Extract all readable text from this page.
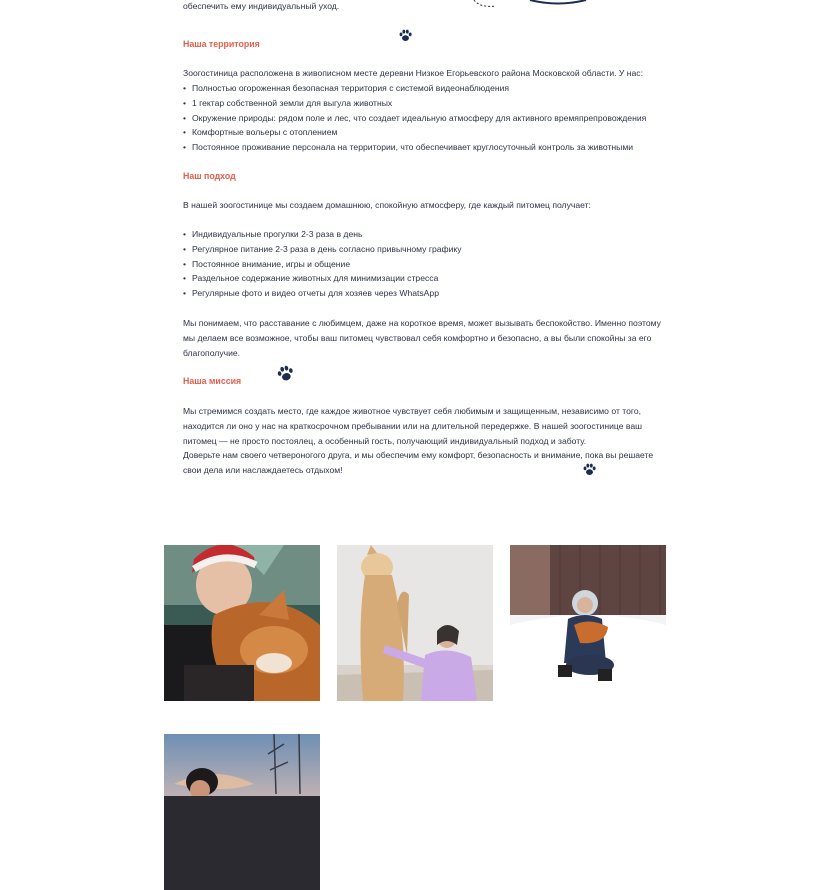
обеспечить ему индивидуальный уход.

Наша территория

Зоогостиница расположена в живописном месте деревни Низкое Егорьевского района Московской области. У нас:

• Полностью огороженная безопасная территория с системой видеонаблюдения
• 1 гектар собственной земли для выгула животных
• Окружение природы: рядом поле и лес, что создает идеальную атмосферу для активного времяпрепровождения
• Комфортные вольеры с отоплением
• Постоянное проживание персонала на территории, что обеспечивает круглосуточный контроль за животными

Наш подход

В нашей зоогостинице мы создаем домашнюю, спокойную атмосферу, где каждый питомец получает:

• Индивидуальные прогулки 2-3 раза в день
• Регулярное питание 2-3 раза в день согласно привычному графику
• Постоянное внимание, игры и общение
• Раздельное содержание животных для минимизации стресса
• Регулярные фото и видео отчеты для хозяев через WhatsApp

Мы понимаем, что расставание с любимцем, даже на короткое время, может вызывать беспокойство. Именно поэтому мы делаем все возможное, чтобы ваш питомец чувствовал себя комфортно и безопасно, а вы были спокойны за его благополучие.

Наша миссия

Мы стремимся создать место, где каждое животное чувствует себя любимым и защищенным, независимо от того, находится ли оно у нас на краткосрочном пребывании или на длительной передержке. В нашей зоогостинице ваш питомец — не просто постоялец, а особенный гость, получающий индивидуальный подход и заботу.

Доверьте нам своего четвероногого друга, и мы обеспечим ему комфорт, безопасность и внимание, пока вы решаете свои дела или наслаждаетесь отдыхом!
